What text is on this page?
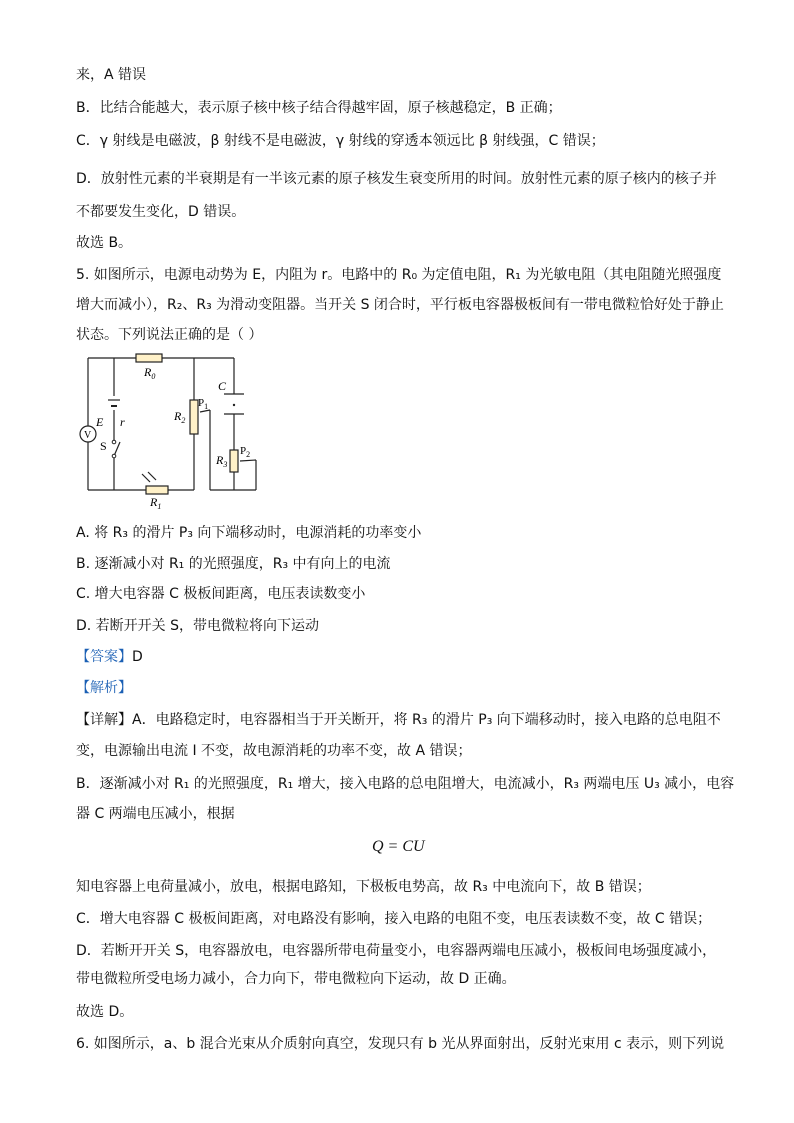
来，A 错误
B．比结合能越大，表示原子核中核子结合得越牢固，原子核越稳定，B 正确；
C．γ 射线是电磁波，β 射线不是电磁波，γ 射线的穿透本领远比 β 射线强，C 错误；
D．放射性元素的半衰期是有一半该元素的原子核发生衰变所用的时间。放射性元素的原子核内的核子并
不都要发生变化，D 错误。
故选 B。
5. 如图所示，电源电动势为 E，内阻为 r。电路中的 R₀ 为定值电阻，R₁ 为光敏电阻（其电阻随光照强度
增大而减小），R₂、R₃ 为滑动变阻器。当开关 S 闭合时，平行板电容器极板间有一带电微粒恰好处于静止
状态。下列说法正确的是（ ）
$R_0$
$R_1$
$R_2$
$R_3$
E r
S
V
C
$P_1$
$P_2$
A. 将 R₃ 的滑片 P₃ 向下端移动时，电源消耗的功率变小
B. 逐渐减小对 R₁ 的光照强度，R₃ 中有向上的电流
C. 增大电容器 C 极板间距离，电压表读数变小
D. 若断开开关 S，带电微粒将向下运动
【答案】D
【解析】
【详解】A．电路稳定时，电容器相当于开关断开，将 R₃ 的滑片 P₃ 向下端移动时，接入电路的总电阻不
变，电源输出电流 I 不变，故电源消耗的功率不变，故 A 错误；
B．逐渐减小对 R₁ 的光照强度，R₁ 增大，接入电路的总电阻增大，电流减小，R₃ 两端电压 U₃ 减小，电容
器 C 两端电压减小，根据
Q = CU
知电容器上电荷量减小，放电，根据电路知，下极板电势高，故 R₃ 中电流向下，故 B 错误；
C．增大电容器 C 极板间距离，对电路没有影响，接入电路的电阻不变，电压表读数不变，故 C 错误；
D．若断开开关 S，电容器放电，电容器所带电荷量变小，电容器两端电压减小，极板间电场强度减小，
带电微粒所受电场力减小，合力向下，带电微粒向下运动，故 D 正确。
故选 D。
6. 如图所示，a、b 混合光束从介质射向真空，发现只有 b 光从界面射出，反射光束用 c 表示，则下列说
